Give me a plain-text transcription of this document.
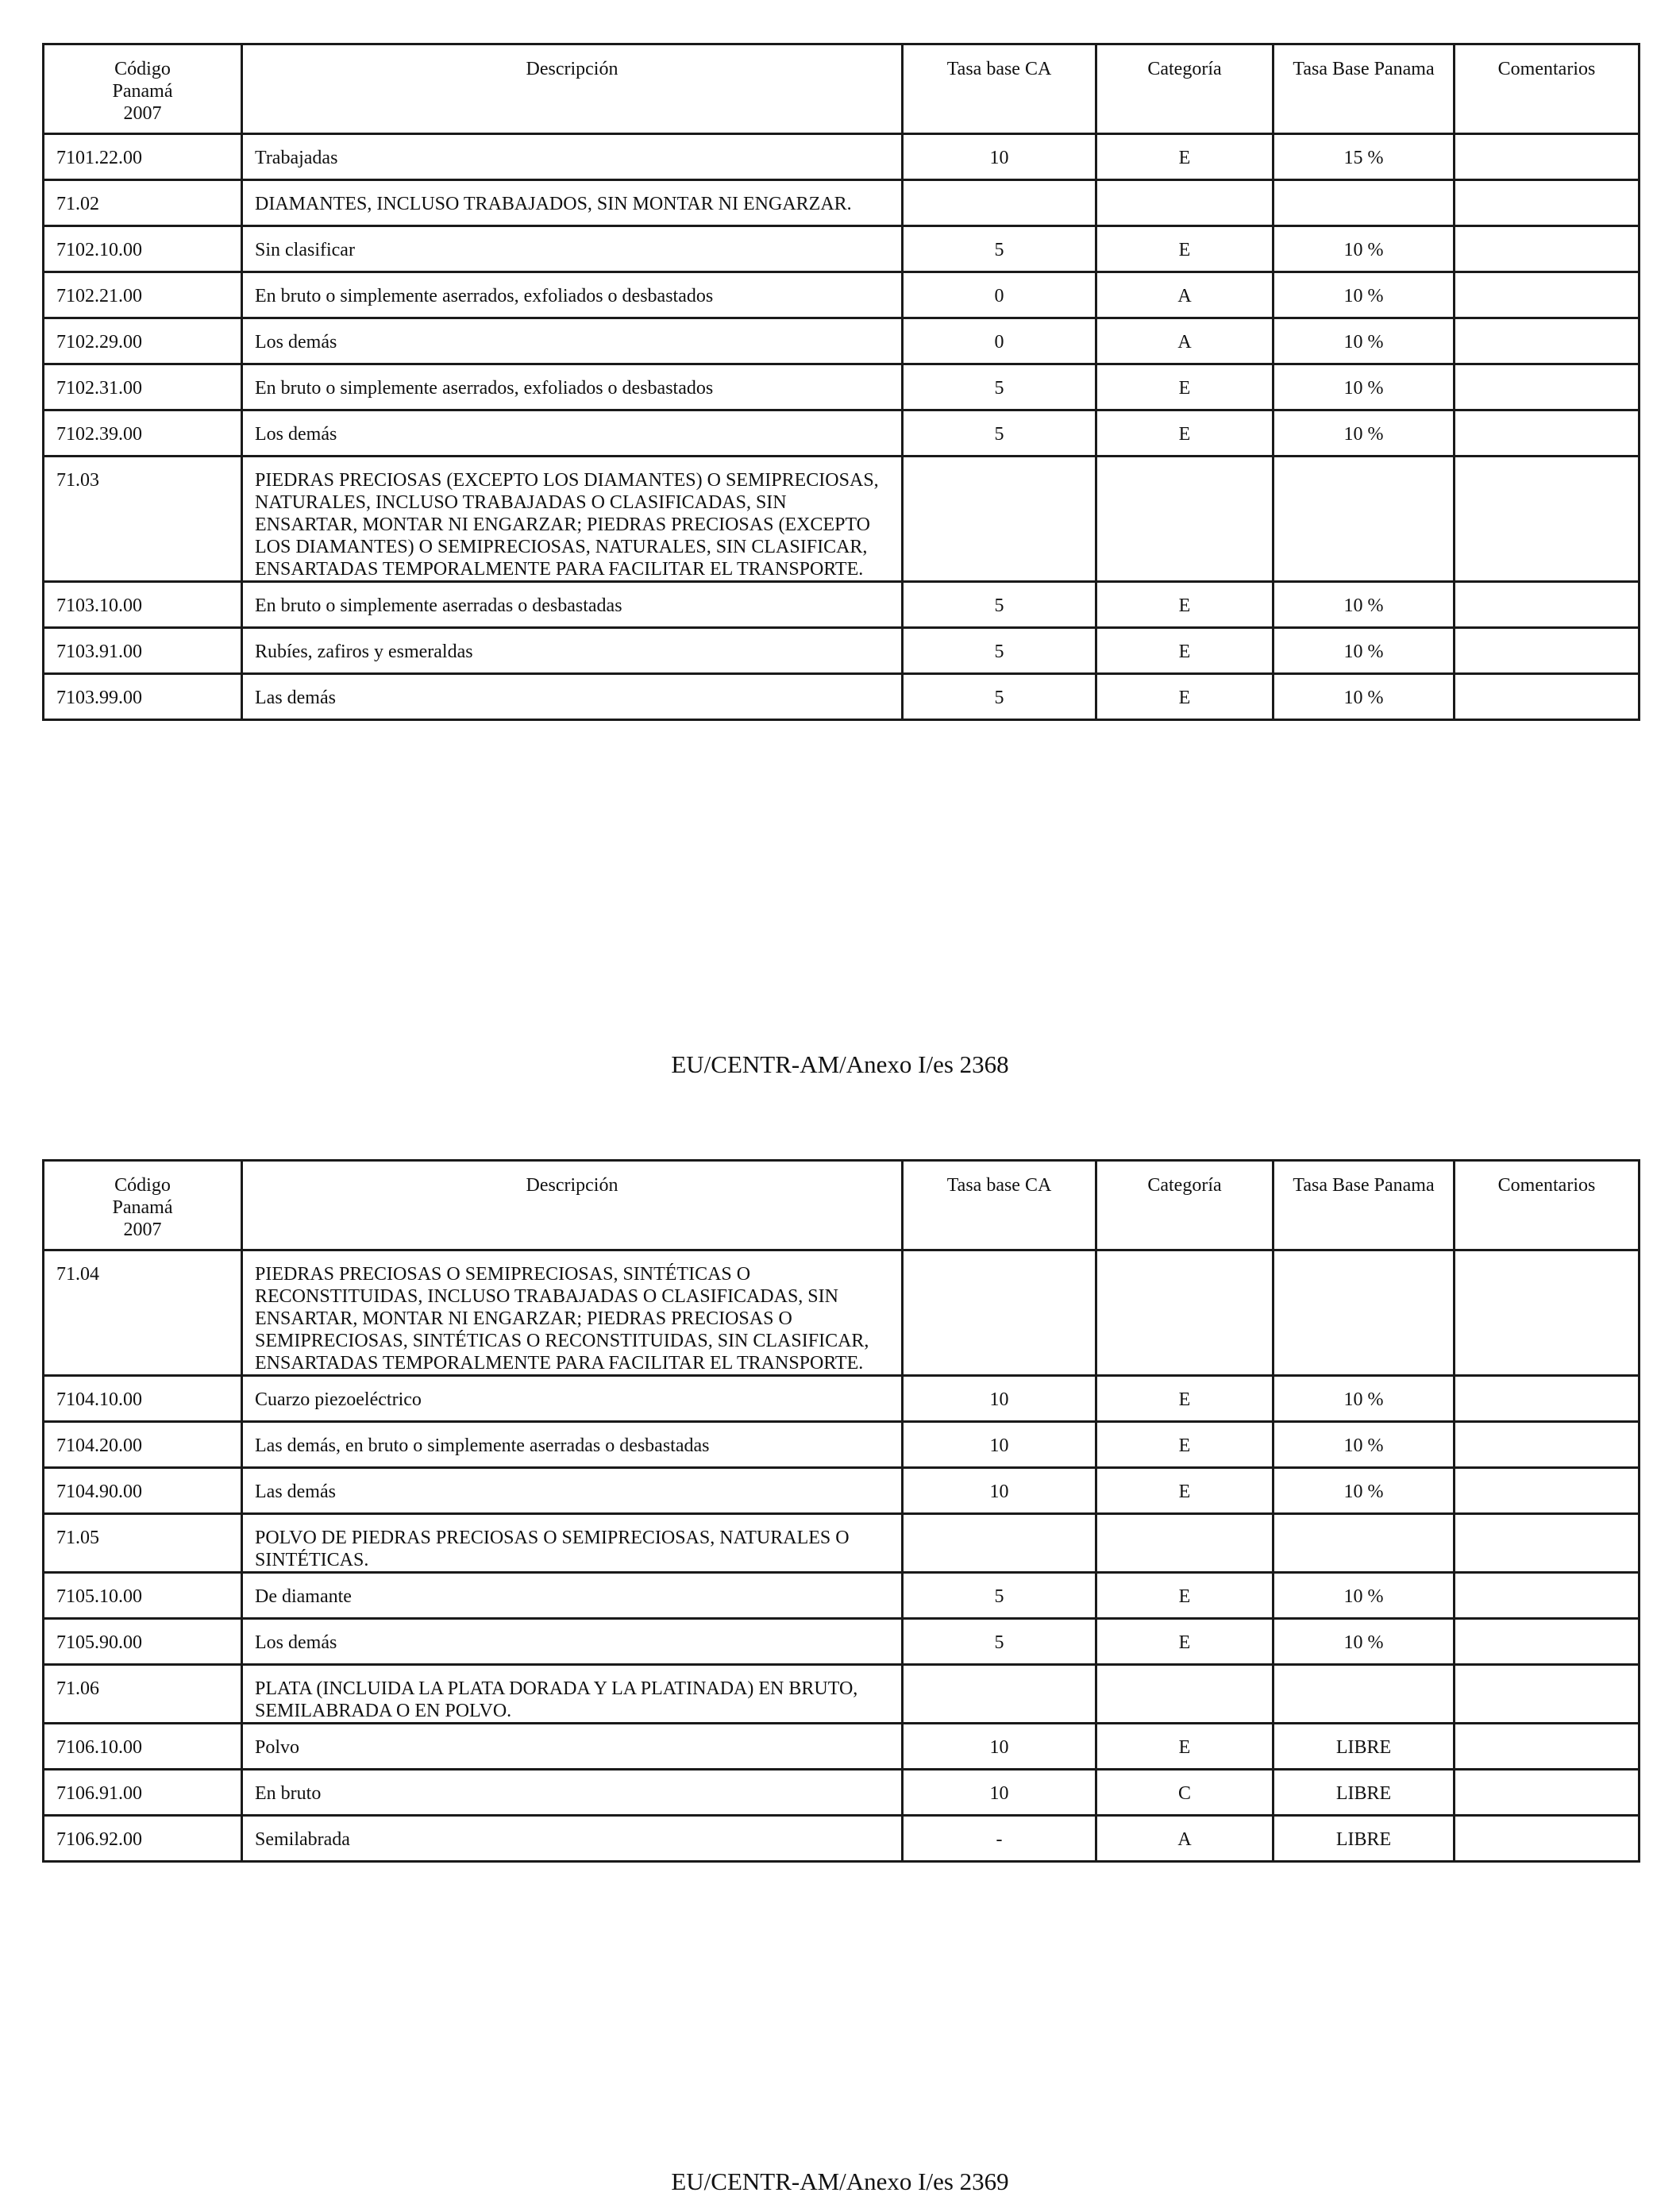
Código
Panamá
2007	Descripción	Tasa base CA	Categoría	Tasa Base Panama	Comentarios
7101.22.00	Trabajadas	10	E	15 %	
71.02	DIAMANTES, INCLUSO TRABAJADOS, SIN MONTAR NI ENGARZAR.				
7102.10.00	Sin clasificar	5	E	10 %	
7102.21.00	En bruto o simplemente aserrados, exfoliados o desbastados	0	A	10 %	
7102.29.00	Los demás	0	A	10 %	
7102.31.00	En bruto o simplemente aserrados, exfoliados o desbastados	5	E	10 %	
7102.39.00	Los demás	5	E	10 %	
71.03	PIEDRAS PRECIOSAS (EXCEPTO LOS DIAMANTES) O SEMIPRECIOSAS, NATURALES, INCLUSO TRABAJADAS O CLASIFICADAS, SIN ENSARTAR, MONTAR NI ENGARZAR; PIEDRAS PRECIOSAS (EXCEPTO LOS DIAMANTES) O SEMIPRECIOSAS, NATURALES, SIN CLASIFICAR, ENSARTADAS TEMPORALMENTE PARA FACILITAR EL TRANSPORTE.				
7103.10.00	En bruto o simplemente aserradas o desbastadas	5	E	10 %	
7103.91.00	Rubíes, zafiros y esmeraldas	5	E	10 %	
7103.99.00	Las demás	5	E	10 %	
EU/CENTR-AM/Anexo I/es 2368
Código
Panamá
2007	Descripción	Tasa base CA	Categoría	Tasa Base Panama	Comentarios
71.04	PIEDRAS PRECIOSAS O SEMIPRECIOSAS, SINTÉTICAS O RECONSTITUIDAS, INCLUSO TRABAJADAS O CLASIFICADAS, SIN ENSARTAR, MONTAR NI ENGARZAR; PIEDRAS PRECIOSAS O SEMIPRECIOSAS, SINTÉTICAS O RECONSTITUIDAS, SIN CLASIFICAR, ENSARTADAS TEMPORALMENTE PARA FACILITAR EL TRANSPORTE.				
7104.10.00	Cuarzo piezoeléctrico	10	E	10 %	
7104.20.00	Las demás, en bruto o simplemente aserradas o desbastadas	10	E	10 %	
7104.90.00	Las demás	10	E	10 %	
71.05	POLVO DE PIEDRAS PRECIOSAS O SEMIPRECIOSAS, NATURALES O SINTÉTICAS.				
7105.10.00	De diamante	5	E	10 %	
7105.90.00	Los demás	5	E	10 %	
71.06	PLATA (INCLUIDA LA PLATA DORADA Y LA PLATINADA) EN BRUTO, SEMILABRADA O EN POLVO.				
7106.10.00	Polvo	10	E	LIBRE	
7106.91.00	En bruto	10	C	LIBRE	
7106.92.00	Semilabrada	-	A	LIBRE	
EU/CENTR-AM/Anexo I/es 2369
